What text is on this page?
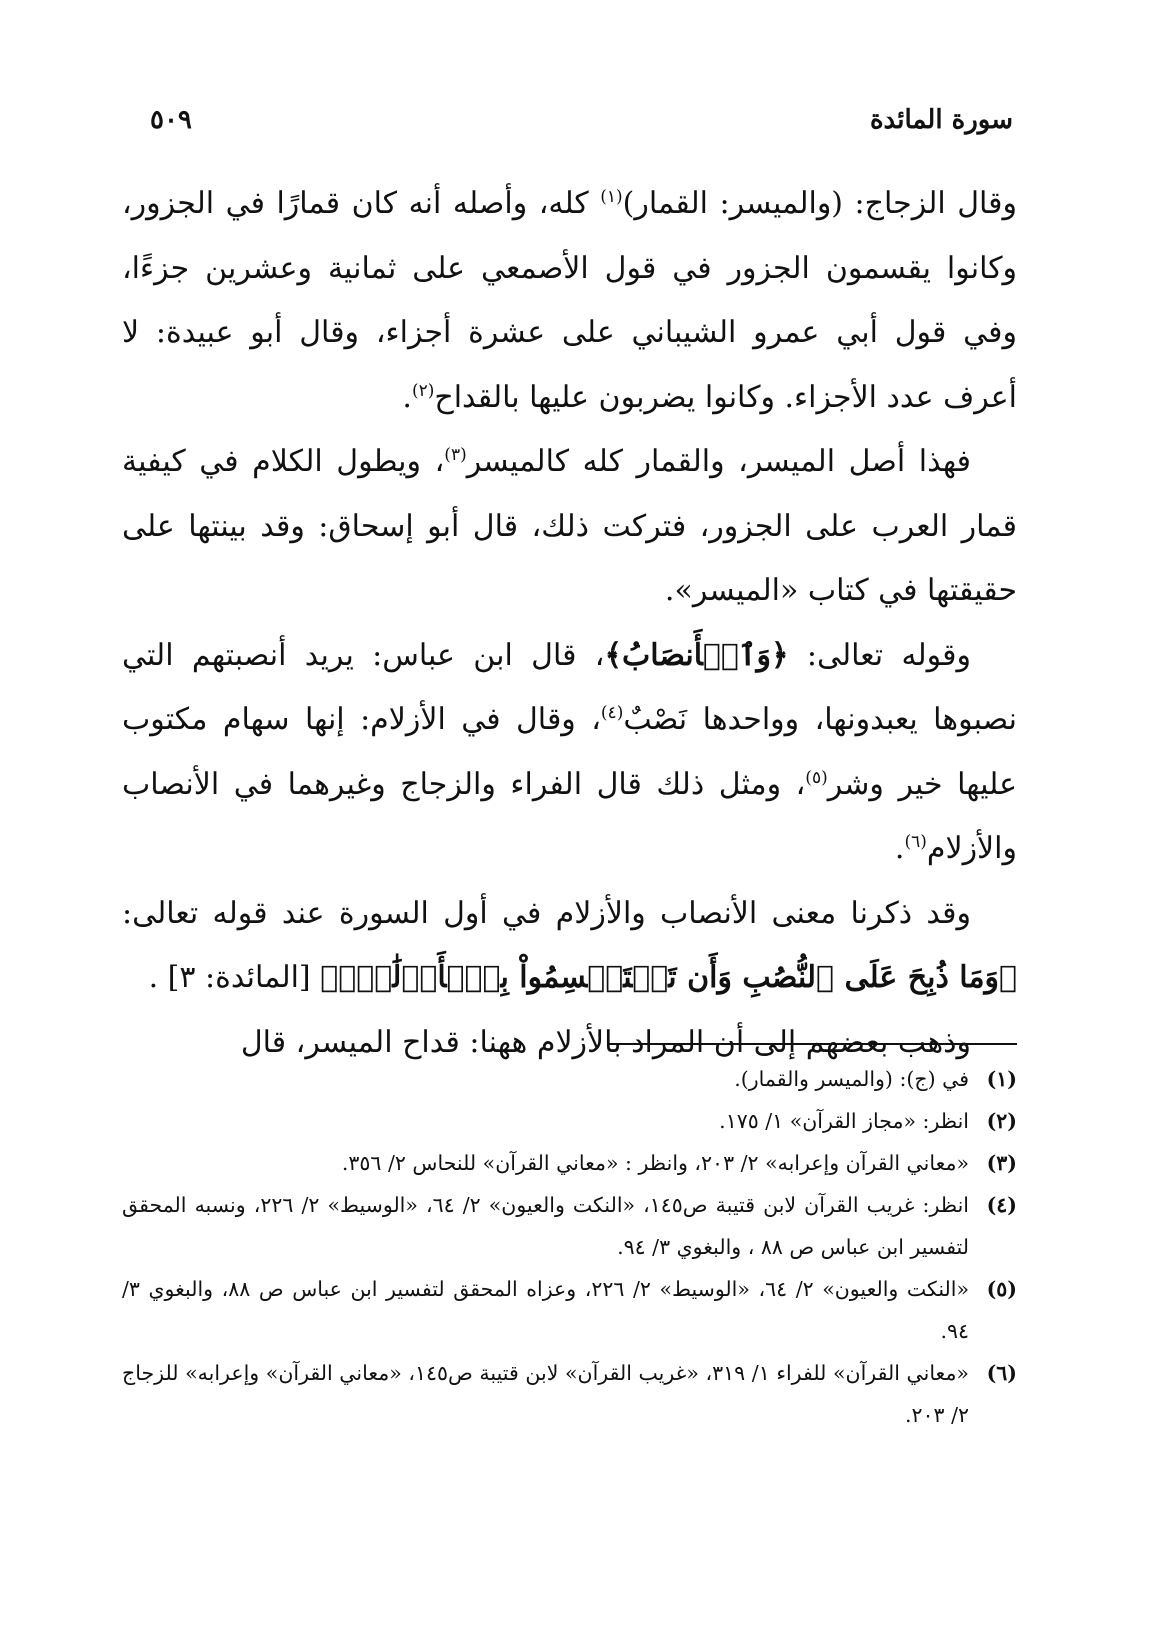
سورة المائدة
٥٠٩

وقال الزجاج: (والميسر: القمار)$^{(١)}$ كله، وأصله أنه كان قمارًا في الجزور، وكانوا يقسمون الجزور في قول الأصمعي على ثمانية وعشرين جزءًا، وفي قول أبي عمرو الشيباني على عشرة أجزاء، وقال أبو عبيدة: لا أعرف عدد الأجزاء. وكانوا يضربون عليها بالقداح$^{(٢)}$.

فهذا أصل الميسر، والقمار كله كالميسر$^{(٣)}$، ويطول الكلام في كيفية قمار العرب على الجزور، فتركت ذلك، قال أبو إسحاق: وقد بينتها على حقيقتها في كتاب «الميسر».

وقوله تعالى: ﴿وَٱلۡأَنصَابُ﴾، قال ابن عباس: يريد أنصبتهم التي نصبوها يعبدونها، وواحدها نَصْبٌ$^{(٤)}$، وقال في الأزلام: إنها سهام مكتوب عليها خير وشر$^{(٥)}$، ومثل ذلك قال الفراء والزجاج وغيرهما في الأنصاب والأزلام$^{(٦)}$.

وقد ذكرنا معنى الأنصاب والأزلام في أول السورة عند قوله تعالى: ﴿وَمَا ذُبِحَ عَلَى ٱلنُّصُبِ وَأَن تَسۡتَقۡسِمُواْ بِٱلۡأَزۡلَٰمِۚ﴾ [المائدة: ٣] .

وذهب بعضهم إلى أن المراد بالأزلام ههنا: قداح الميسر، قال

(١)
في (ج): (والميسر والقمار).
(٢)
انظر: «مجاز القرآن» ١/ ١٧٥.
(٣)
«معاني القرآن وإعرابه» ٢/ ٢٠٣، وانظر : «معاني القرآن» للنحاس ٢/ ٣٥٦.
(٤)
انظر: غريب القرآن لابن قتيبة ص١٤٥، «النكت والعيون» ٢/ ٦٤، «الوسيط» ٢/ ٢٢٦، ونسبه المحقق لتفسير ابن عباس ص ٨٨ ، والبغوي ٣/ ٩٤.
(٥)
«النكت والعيون» ٢/ ٦٤، «الوسيط» ٢/ ٢٢٦، وعزاه المحقق لتفسير ابن عباس ص ٨٨، والبغوي ٣/ ٩٤.
(٦)
«معاني القرآن» للفراء ١/ ٣١٩، «غريب القرآن» لابن قتيبة ص١٤٥، «معاني القرآن» وإعرابه» للزجاج ٢/ ٢٠٣.
